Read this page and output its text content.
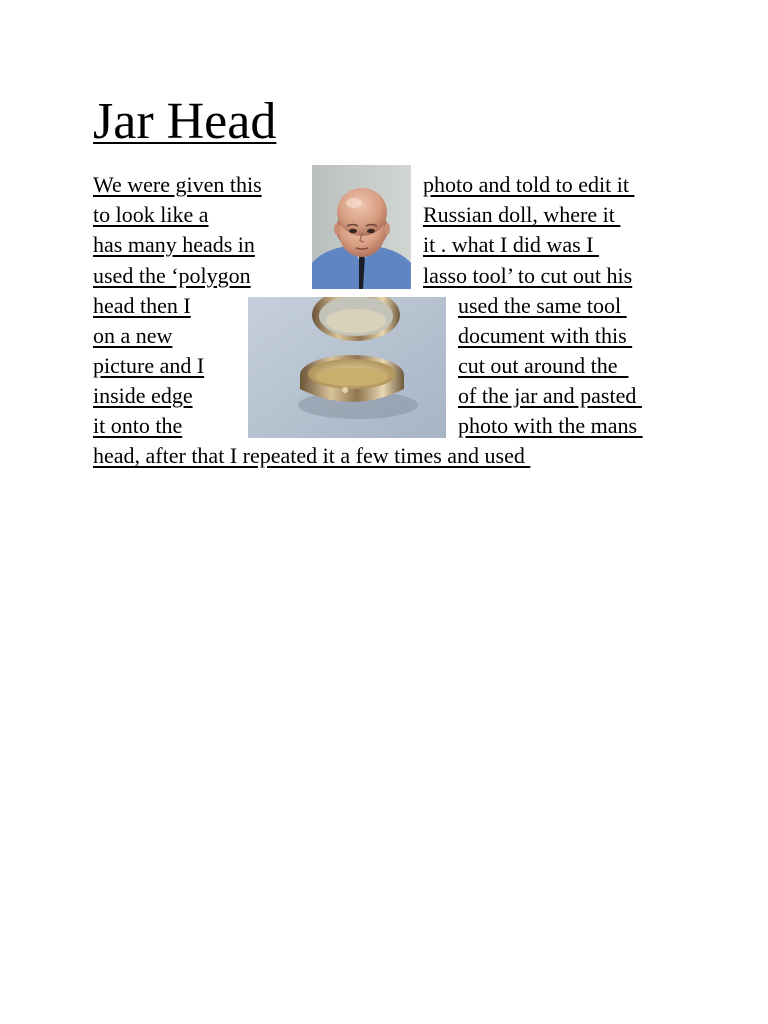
Jar Head
We were given this
to look like a
has many heads in
used the ‘polygon
head then I
on a new
picture and I
inside edge
it onto the
photo and told to edit it
Russian doll, where it
it . what I did was I
lasso tool’ to cut out his
used the same tool
document with this
cut out around the
of the jar and pasted
photo with the mans
head, after that I repeated it a few times and used
